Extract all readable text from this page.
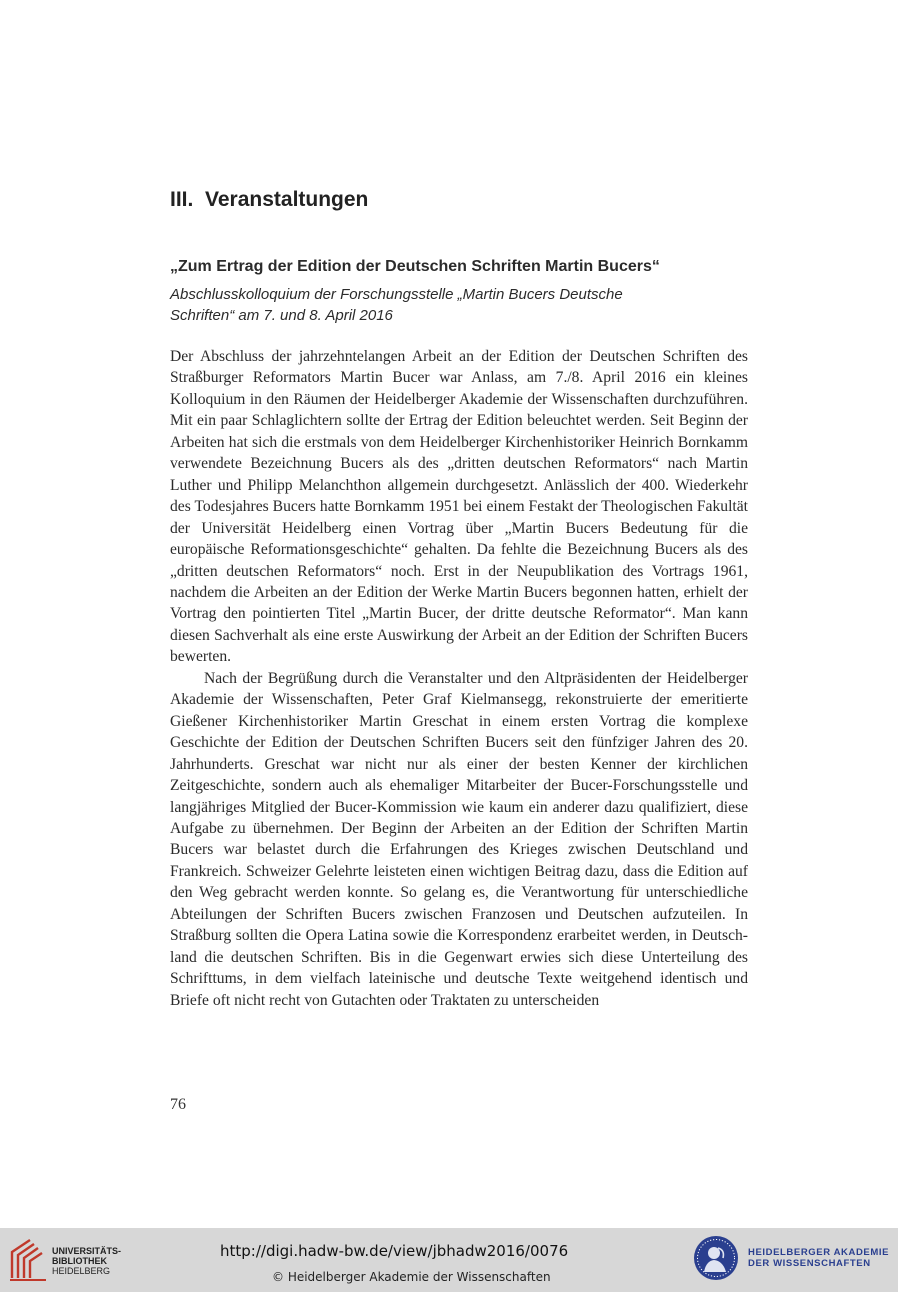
III.  Veranstaltungen
„Zum Ertrag der Edition der Deutschen Schriften Martin Bucers“
Abschlusskolloquium der Forschungsstelle „Martin Bucers Deutsche
Schriften“ am 7. und 8. April 2016

Der Abschluss der jahrzehntelangen Arbeit an der Edition der Deutschen Schriften des Straßburger Reformators Martin Bucer war Anlass, am 7./8. April 2016 ein kleines Kolloquium in den Räumen der Heidelberger Akademie der Wissenschaften durchzuführen. Mit ein paar Schlaglichtern sollte der Ertrag der Edition beleuchtet werden. Seit Beginn der Arbeiten hat sich die erstmals von dem Heidelberger Kirchenhistoriker Heinrich Bornkamm verwendete Bezeichnung Bucers als des „dritten deutschen Reformators“ nach Martin Luther und Philipp Melanchthon allgemein durchgesetzt. Anlässlich der 400. Wiederkehr des Todesjahres Bucers hatte Bornkamm 1951 bei einem Festakt der Theologischen Fakultät der Universität Heidelberg einen Vortrag über „Martin Bucers Bedeutung für die europäische Reformationsgeschichte“ gehalten. Da fehlte die Bezeichnung Bucers als des „dritten deutschen Reformators“ noch. Erst in der Neupublikation des Vortrags 1961, nachdem die Arbeiten an der Edition der Werke Martin Bucers begonnen hatten, erhielt der Vortrag den pointierten Titel „Martin Bucer, der dritte deutsche Reformator“. Man kann diesen Sachverhalt als eine erste Auswirkung der Arbeit an der Edition der Schriften Bucers bewerten.

Nach der Begrüßung durch die Veranstalter und den Altpräsidenten der Heidelberger Akademie der Wissenschaften, Peter Graf Kielmansegg, rekonstruierte der emeritierte Gießener Kirchenhistoriker Martin Greschat in einem ersten Vortrag die komplexe Geschichte der Edition der Deutschen Schriften Bucers seit den fünfziger Jahren des 20. Jahrhunderts. Greschat war nicht nur als einer der besten Kenner der kirchlichen Zeitgeschichte, sondern auch als ehemaliger Mitarbeiter der Bucer-Forschungsstelle und langjähriges Mitglied der Bucer-Kommission wie kaum ein anderer dazu qualifiziert, diese Aufgabe zu übernehmen. Der Beginn der Arbeiten an der Edition der Schriften Martin Bucers war belastet durch die Erfahrungen des Krieges zwischen Deutschland und Frankreich. Schweizer Gelehrte leisteten einen wichtigen Beitrag dazu, dass die Edition auf den Weg gebracht werden konnte. So gelang es, die Verantwortung für unterschiedliche Abteilungen der Schriften Bucers zwischen Franzosen und Deutschen aufzuteilen. In Straßburg sollten die Opera Latina sowie die Korrespondenz erarbeitet werden, in Deutschland die deutschen Schriften. Bis in die Gegenwart erwies sich diese Unterteilung des Schrifttums, in dem vielfach lateinische und deutsche Texte weitgehend identisch und Briefe oft nicht recht von Gutachten oder Traktaten zu unterscheiden

76
UNIVERSITÄTS-
BIBLIOTHEK
HEIDELBERG
http://digi.hadw-bw.de/view/jbhadw2016/0076
© Heidelberger Akademie der Wissenschaften
HEIDELBERGER AKADEMIE
DER WISSENSCHAFTEN
